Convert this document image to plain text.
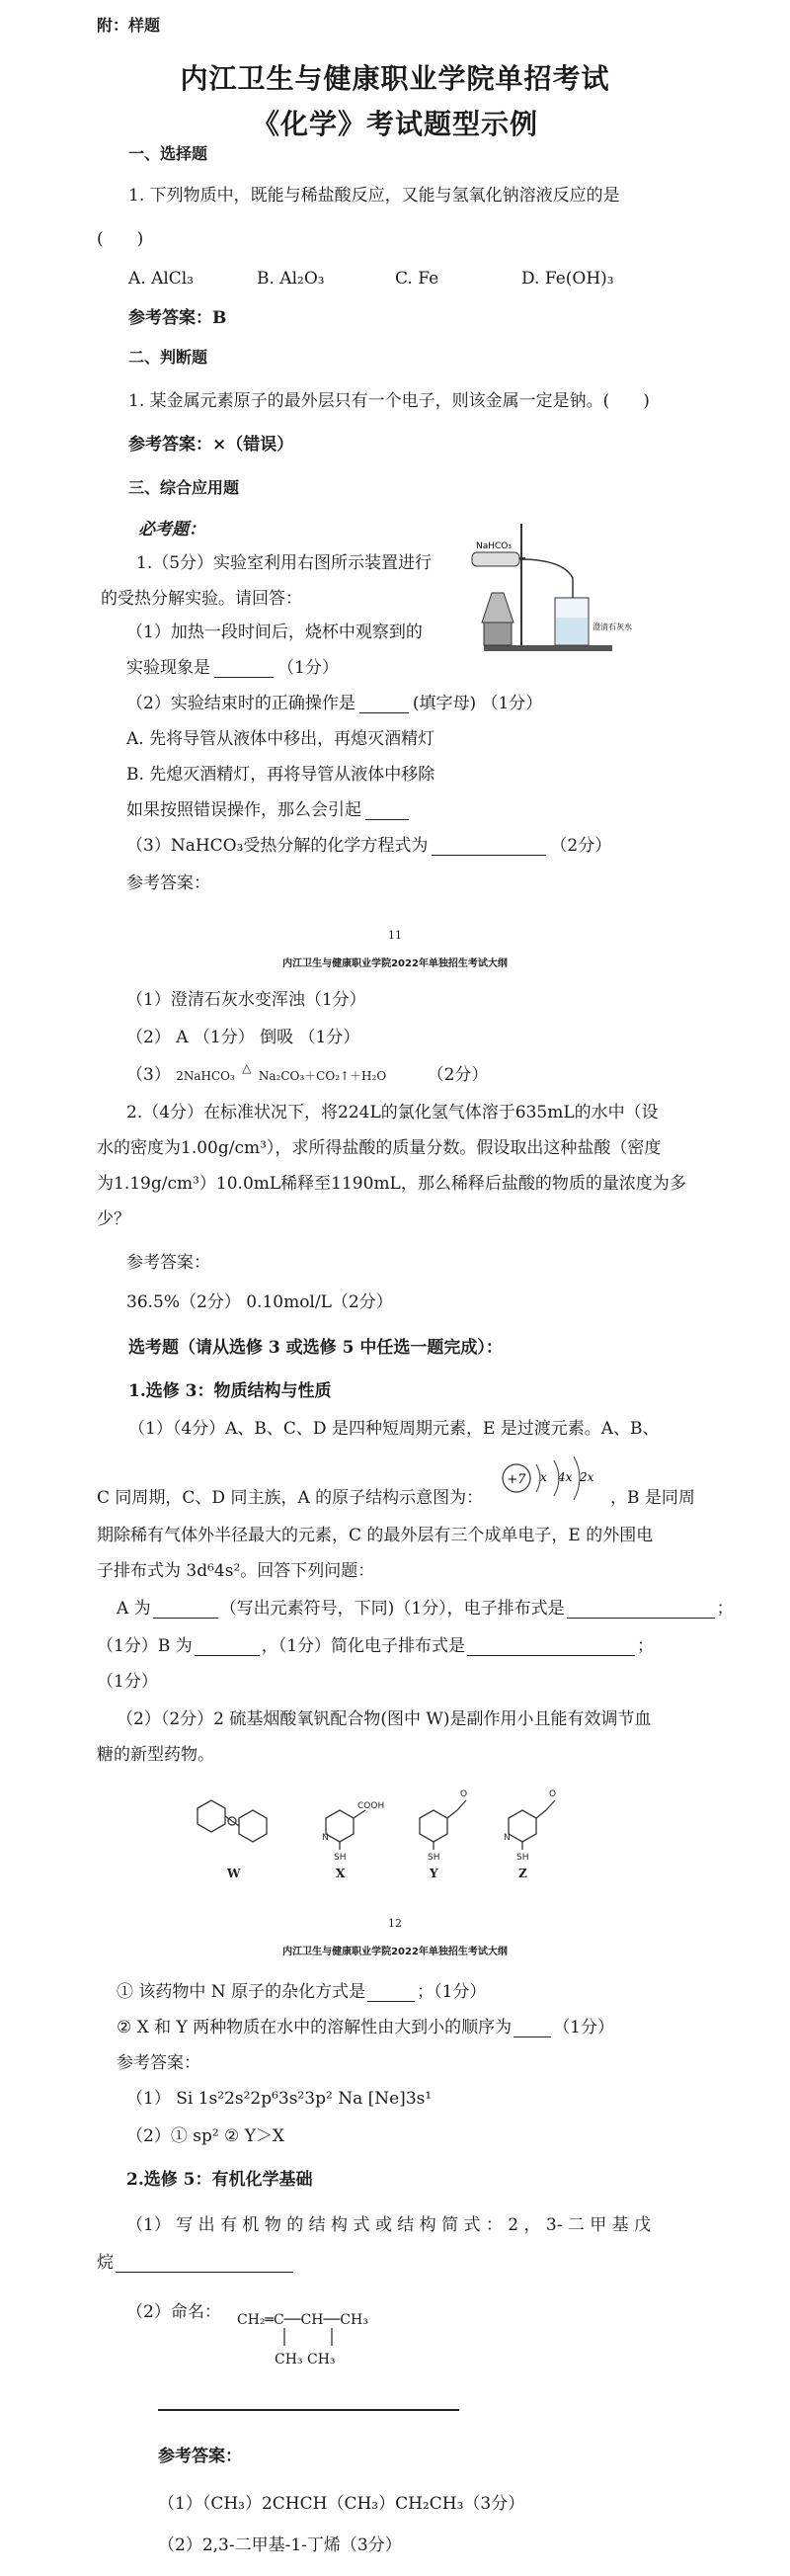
附：样题
内江卫生与健康职业学院单招考试
《化学》考试题型示例
一、选择题
1. 下列物质中，既能与稀盐酸反应，又能与氢氧化钠溶液反应的是
(　　)
A. AlCl₃	B. Al₂O₃	C. Fe	D. Fe(OH)₃
参考答案：B
二、判断题
1. 某金属元素原子的最外层只有一个电子，则该金属一定是钠。(　　)
参考答案：×（错误）
三、综合应用题
必考题：
1.（5分）实验室利用右图所示装置进行
的受热分解实验。请回答：
（1）加热一段时间后，烧杯中观察到的
实验现象是	（1分）
（2）实验结束时的正确操作是	(填字母) （1分）
A. 先将导管从液体中移出，再熄灭酒精灯
B. 先熄灭酒精灯，再将导管从液体中移除
如果按照错误操作，那么会引起
（3）NaHCO₃受热分解的化学方程式为	（2分）
参考答案：
NaHCO₃
澄清石灰水
11
内江卫生与健康职业学院2022年单独招生考试大纲
（1）澄清石灰水变浑浊（1分）
（2） A （1分） 倒吸 （1分）
（3） 2NaHCO₃ △ Na₂CO₃＋CO₂↑＋H₂O （2分）
2.（4分）在标准状况下，将224L的氯化氢气体溶于635mL的水中（设
水的密度为1.00g/cm³），求所得盐酸的质量分数。假设取出这种盐酸（密度
为1.19g/cm³）10.0mL稀释至1190mL，那么稀释后盐酸的物质的量浓度为多
少？
参考答案：
36.5%（2分） 0.10mol/L（2分）
选考题（请从选修 3 或选修 5 中任选一题完成）：
1.选修 3：物质结构与性质
（1）（4分）A、B、C、D 是四种短周期元素，E 是过渡元素。A、B、
C 同周期，C、D 同主族，A 的原子结构示意图为：
+7 x 4x 2x
，B 是同周
期除稀有气体外半径最大的元素，C 的最外层有三个成单电子，E 的外围电
子排布式为 3d⁶4s²。回答下列问题：
A 为	（写出元素符号，下同)（1分），电子排布式是	；
（1分）B 为	，（1分）简化电子排布式是	；
（1分）
（2）（2分）2 硫基烟酸氧钒配合物(图中 W)是副作用小且能有效调节血
糖的新型药物。
COOH
SH
O
SH
O
SH
N
N
W	X	Y	Z
12
内江卫生与健康职业学院2022年单独招生考试大纲
① 该药物中 N 原子的杂化方式是	；（1分）
② X 和 Y 两种物质在水中的溶解性由大到小的顺序为 （1分）
参考答案：
（1） Si 1s²2s²2p⁶3s²3p² Na [Ne]3s¹
（2）① sp² ② Y＞X
2.选修 5：有机化学基础
（1） 写 出 有 机 物 的 结 构 式 或 结 构 简 式 ： 2 ， 3- 二 甲 基 戊
烷
（2）命名： CH₂═C──CH──CH₃
CH₃ CH₃
参考答案：
（1）（CH₃）2CHCH（CH₃）CH₂CH₃（3分）
（2）2,3-二甲基-1-丁烯（3分）
